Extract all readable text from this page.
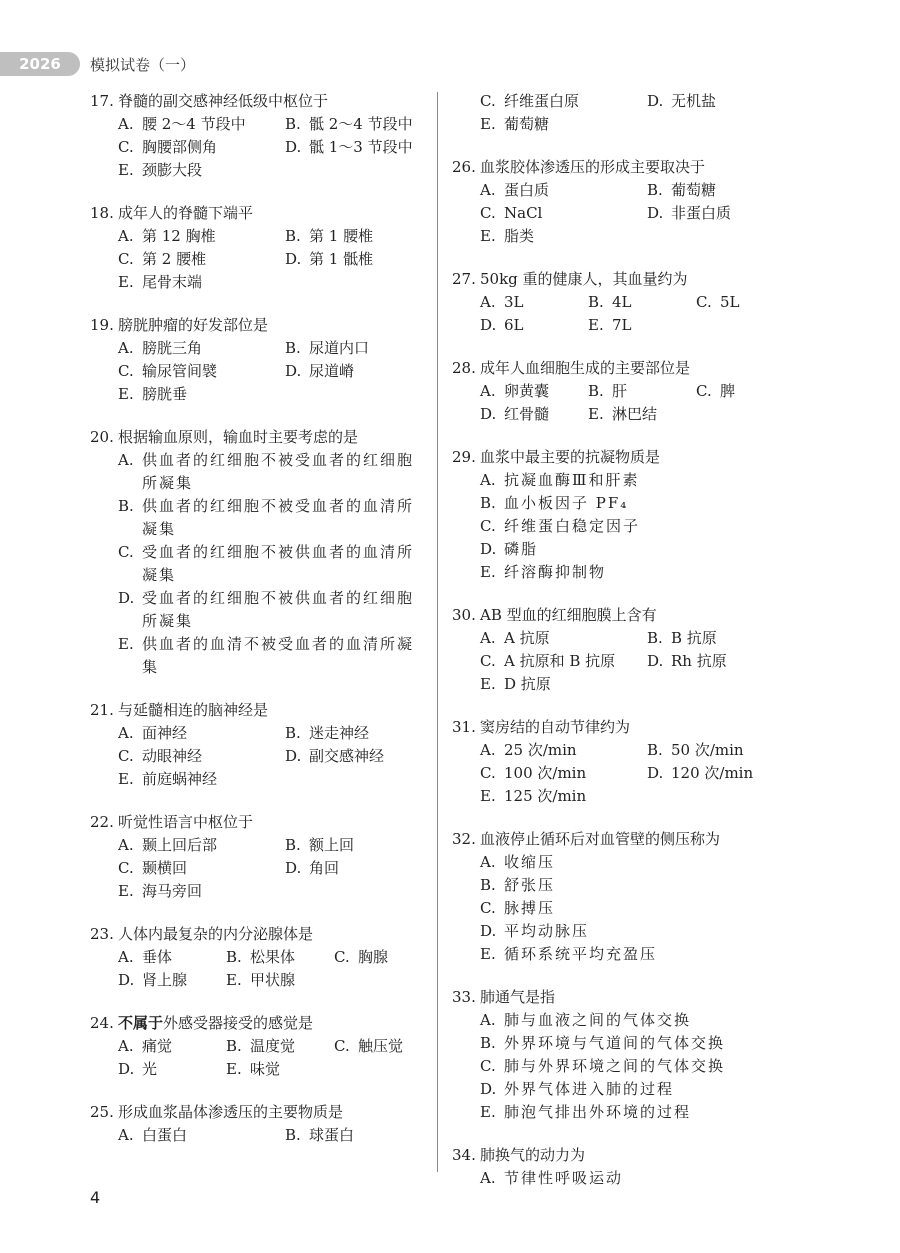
2026	模拟试卷（一）
17. 脊髓的副交感神经低级中枢位于
A. 腰 2～4 节段中	B. 骶 2～4 节段中
C. 胸腰部侧角	D. 骶 1～3 节段中
E. 颈膨大段
18. 成年人的脊髓下端平
A. 第 12 胸椎	B. 第 1 腰椎
C. 第 2 腰椎	D. 第 1 骶椎
E. 尾骨末端
19. 膀胱肿瘤的好发部位是
A. 膀胱三角	B. 尿道内口
C. 输尿管间襞	D. 尿道嵴
E. 膀胱垂
20. 根据输血原则，输血时主要考虑的是
A. 供血者的红细胞不被受血者的红细胞所凝集
B. 供血者的红细胞不被受血者的血清所凝集
C. 受血者的红细胞不被供血者的血清所凝集
D. 受血者的红细胞不被供血者的红细胞所凝集
E. 供血者的血清不被受血者的血清所凝集
21. 与延髓相连的脑神经是
A. 面神经	B. 迷走神经
C. 动眼神经	D. 副交感神经
E. 前庭蜗神经
22. 听觉性语言中枢位于
A. 颞上回后部	B. 额上回
C. 颞横回	D. 角回
E. 海马旁回
23. 人体内最复杂的内分泌腺体是
A. 垂体	B. 松果体	C. 胸腺
D. 肾上腺	E. 甲状腺
24. 不属于外感受器接受的感觉是
A. 痛觉	B. 温度觉	C. 触压觉
D. 光	E. 味觉
25. 形成血浆晶体渗透压的主要物质是
A. 白蛋白	B. 球蛋白
C. 纤维蛋白原	D. 无机盐
E. 葡萄糖
26. 血浆胶体渗透压的形成主要取决于
A. 蛋白质	B. 葡萄糖
C. NaCl	D. 非蛋白质
E. 脂类
27. 50kg 重的健康人，其血量约为
A. 3L	B. 4L	C. 5L
D. 6L	E. 7L
28. 成年人血细胞生成的主要部位是
A. 卵黄囊	B. 肝	C. 脾
D. 红骨髓	E. 淋巴结
29. 血浆中最主要的抗凝物质是
A. 抗凝血酶Ⅲ和肝素
B. 血小板因子 PF₄
C. 纤维蛋白稳定因子
D. 磷脂
E. 纤溶酶抑制物
30. AB 型血的红细胞膜上含有
A. A 抗原	B. B 抗原
C. A 抗原和 B 抗原 D. Rh 抗原
E. D 抗原
31. 窦房结的自动节律约为
A. 25 次/min	B. 50 次/min
C. 100 次/min	D. 120 次/min
E. 125 次/min
32. 血液停止循环后对血管壁的侧压称为
A. 收缩压
B. 舒张压
C. 脉搏压
D. 平均动脉压
E. 循环系统平均充盈压
33. 肺通气是指
A. 肺与血液之间的气体交换
B. 外界环境与气道间的气体交换
C. 肺与外界环境之间的气体交换
D. 外界气体进入肺的过程
E. 肺泡气排出外环境的过程
34. 肺换气的动力为
A. 节律性呼吸运动
4
